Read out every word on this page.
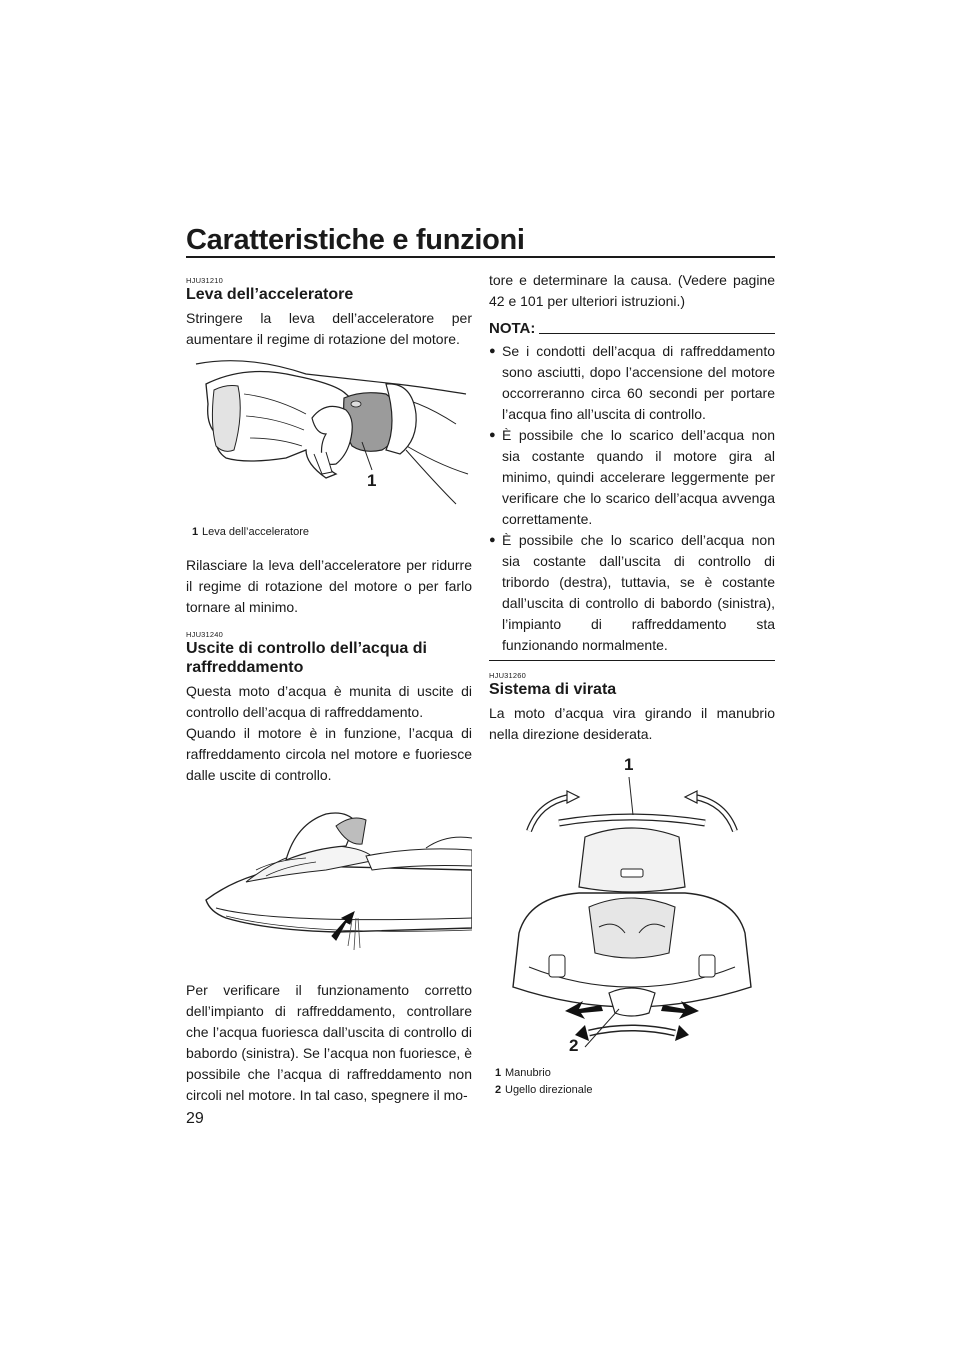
Caratteristiche e funzioni
HJU31210
Leva dell’acceleratore

Stringere la leva dell’acceleratore per aumentare il regime di rotazione del motore.

1
1 Leva dell’acceleratore

Rilasciare la leva dell’acceleratore per ridurre il regime di rotazione del motore o per farlo tornare al minimo.

HJU31240
Uscite di controllo dell’acqua di raffreddamento

Questa moto d’acqua è munita di uscite di controllo dell’acqua di raffreddamento.

Quando il motore è in funzione, l’acqua di raffreddamento circola nel motore e fuoriesce dalle uscite di controllo.

Per verificare il funzionamento corretto dell’impianto di raffreddamento, controllare che l’acqua fuoriesca dall’uscita di controllo di babordo (sinistra). Se l’acqua non fuoriesce, è possibile che l’acqua di raffreddamento non circoli nel motore. In tal caso, spegnere il mo-

tore e determinare la causa. (Vedere pagine 42 e 101 per ulteriori istruzioni.)

NOTA:
● Se i condotti dell’acqua di raffreddamento sono asciutti, dopo l’accensione del motore occorreranno circa 60 secondi per portare l’acqua fino all’uscita di controllo.
● È possibile che lo scarico dell’acqua non sia costante quando il motore gira al minimo, quindi accelerare leggermente per verificare che lo scarico dell’acqua avvenga correttamente.
● È possibile che lo scarico dell’acqua non sia costante dall’uscita di controllo di tribordo (destra), tuttavia, se è costante dall’uscita di controllo di babordo (sinistra), l’impianto di raffreddamento sta funzionando normalmente.
HJU31260
Sistema di virata

La moto d’acqua vira girando il manubrio nella direzione desiderata.

1
2
1 Manubrio
2 Ugello direzionale
29
